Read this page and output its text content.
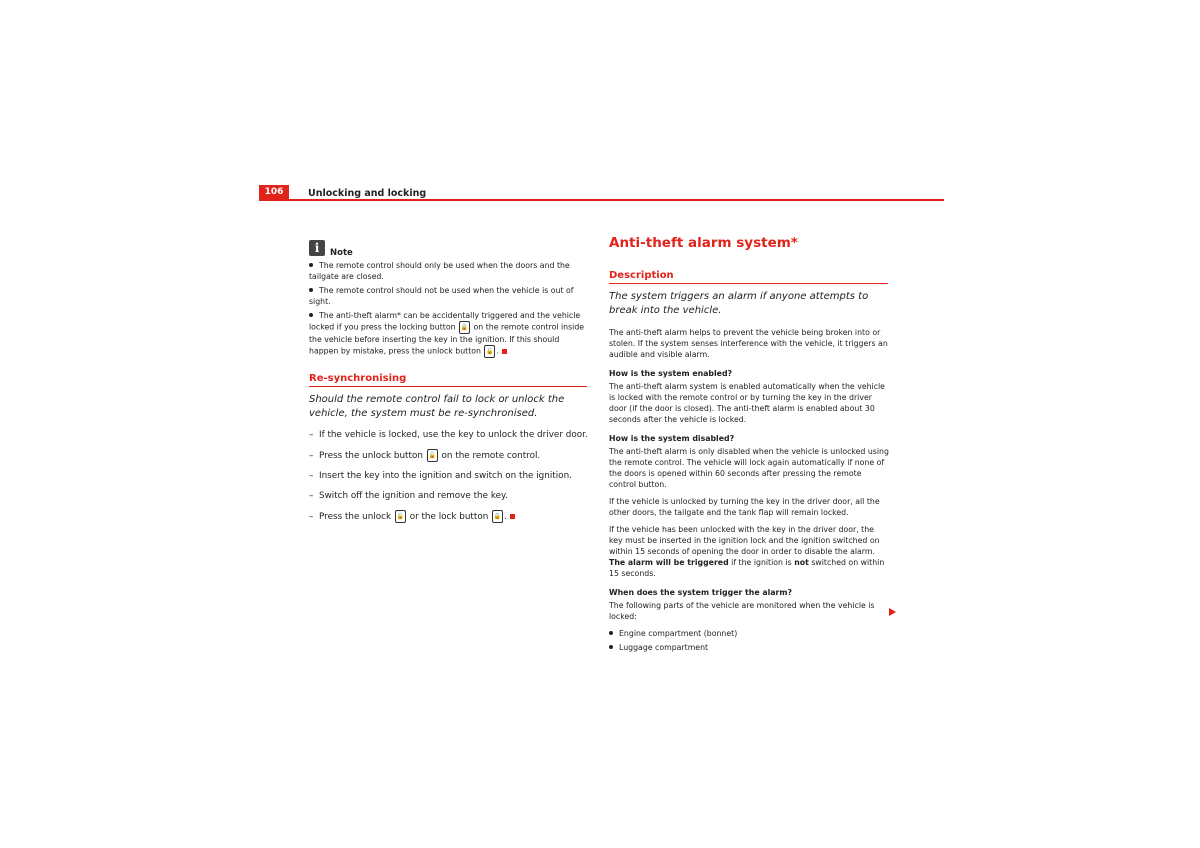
106	Unlocking and locking
i	Note

The remote control should only be used when the doors and the tailgate are closed.

The remote control should not be used when the vehicle is out of sight.

The anti-theft alarm* can be accidentally triggered and the vehicle locked if you press the locking button 🔒 on the remote control inside the vehicle before inserting the key in the ignition. If this should happen by mistake, press the unlock button 🔓 .

Re-synchronising
Should the remote control fail to lock or unlock the vehicle, the system must be re-synchronised.

– If the vehicle is locked, use the key to unlock the driver door.

– Press the unlock button 🔓 on the remote control.

– Insert the key into the ignition and switch on the ignition.

– Switch off the ignition and remove the key.

– Press the unlock 🔓 or the lock button 🔒 .

Anti-theft alarm system*
Description
The system triggers an alarm if anyone attempts to break into the vehicle.

The anti-theft alarm helps to prevent the vehicle being broken into or stolen. If the system senses interference with the vehicle, it triggers an audible and visible alarm.

How is the system enabled?

The anti-theft alarm system is enabled automatically when the vehicle is locked with the remote control or by turning the key in the driver door (if the door is closed). The anti-theft alarm is enabled about 30 seconds after the vehicle is locked.

How is the system disabled?

The anti-theft alarm is only disabled when the vehicle is unlocked using the remote control. The vehicle will lock again automatically if none of the doors is opened within 60 seconds after pressing the remote control button.

If the vehicle is unlocked by turning the key in the driver door, all the other doors, the tailgate and the tank flap will remain locked.

If the vehicle has been unlocked with the key in the driver door, the key must be inserted in the ignition lock and the ignition switched on within 15 seconds of opening the door in order to disable the alarm. The alarm will be triggered if the ignition is not switched on within 15 seconds.

When does the system trigger the alarm?

The following parts of the vehicle are monitored when the vehicle is locked:

Engine compartment (bonnet)

Luggage compartment
